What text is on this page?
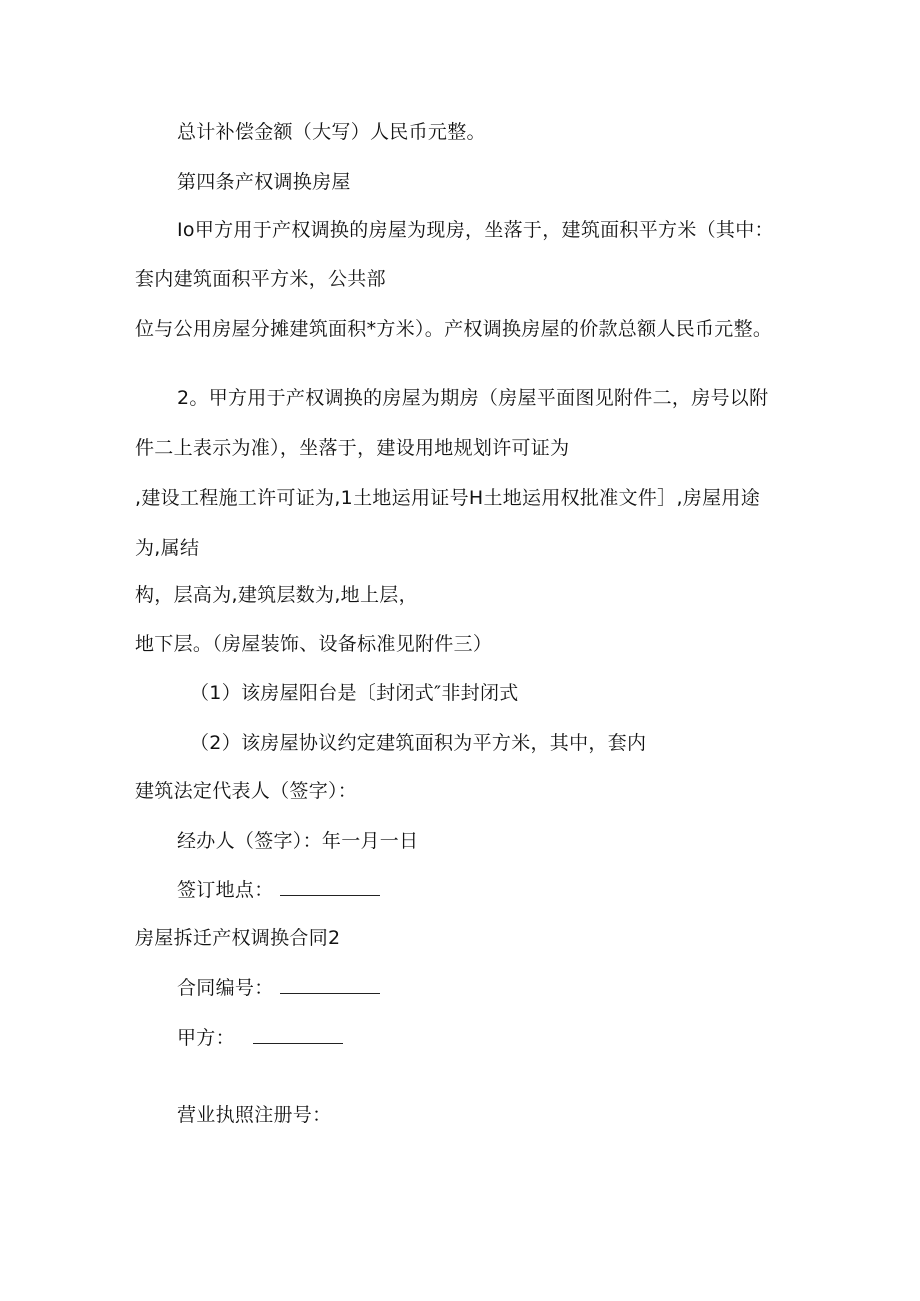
总计补偿金额（大写）人民币元整。

第四条产权调换房屋

Io甲方用于产权调换的房屋为现房，坐落于，建筑面积平方米（其中：

套内建筑面积平方米，公共部

位与公用房屋分摊建筑面积*方米）。产权调换房屋的价款总额人民币元整。

2。甲方用于产权调换的房屋为期房（房屋平面图见附件二，房号以附

件二上表示为准），坐落于，建设用地规划许可证为

,建设工程施工许可证为,1土地运用证号H土地运用权批准文件］,房屋用途

为,属结

构，层高为,建筑层数为,地上层，

地下层。（房屋装饰、设备标准见附件三）

（1）该房屋阳台是〔封闭式″非封闭式

（2）该房屋协议约定建筑面积为平方米，其中，套内

建筑法定代表人（签字）：

经办人（签字）：年一月一日

签订地点：

房屋拆迁产权调换合同2

合同编号：

甲方：

营业执照注册号：
